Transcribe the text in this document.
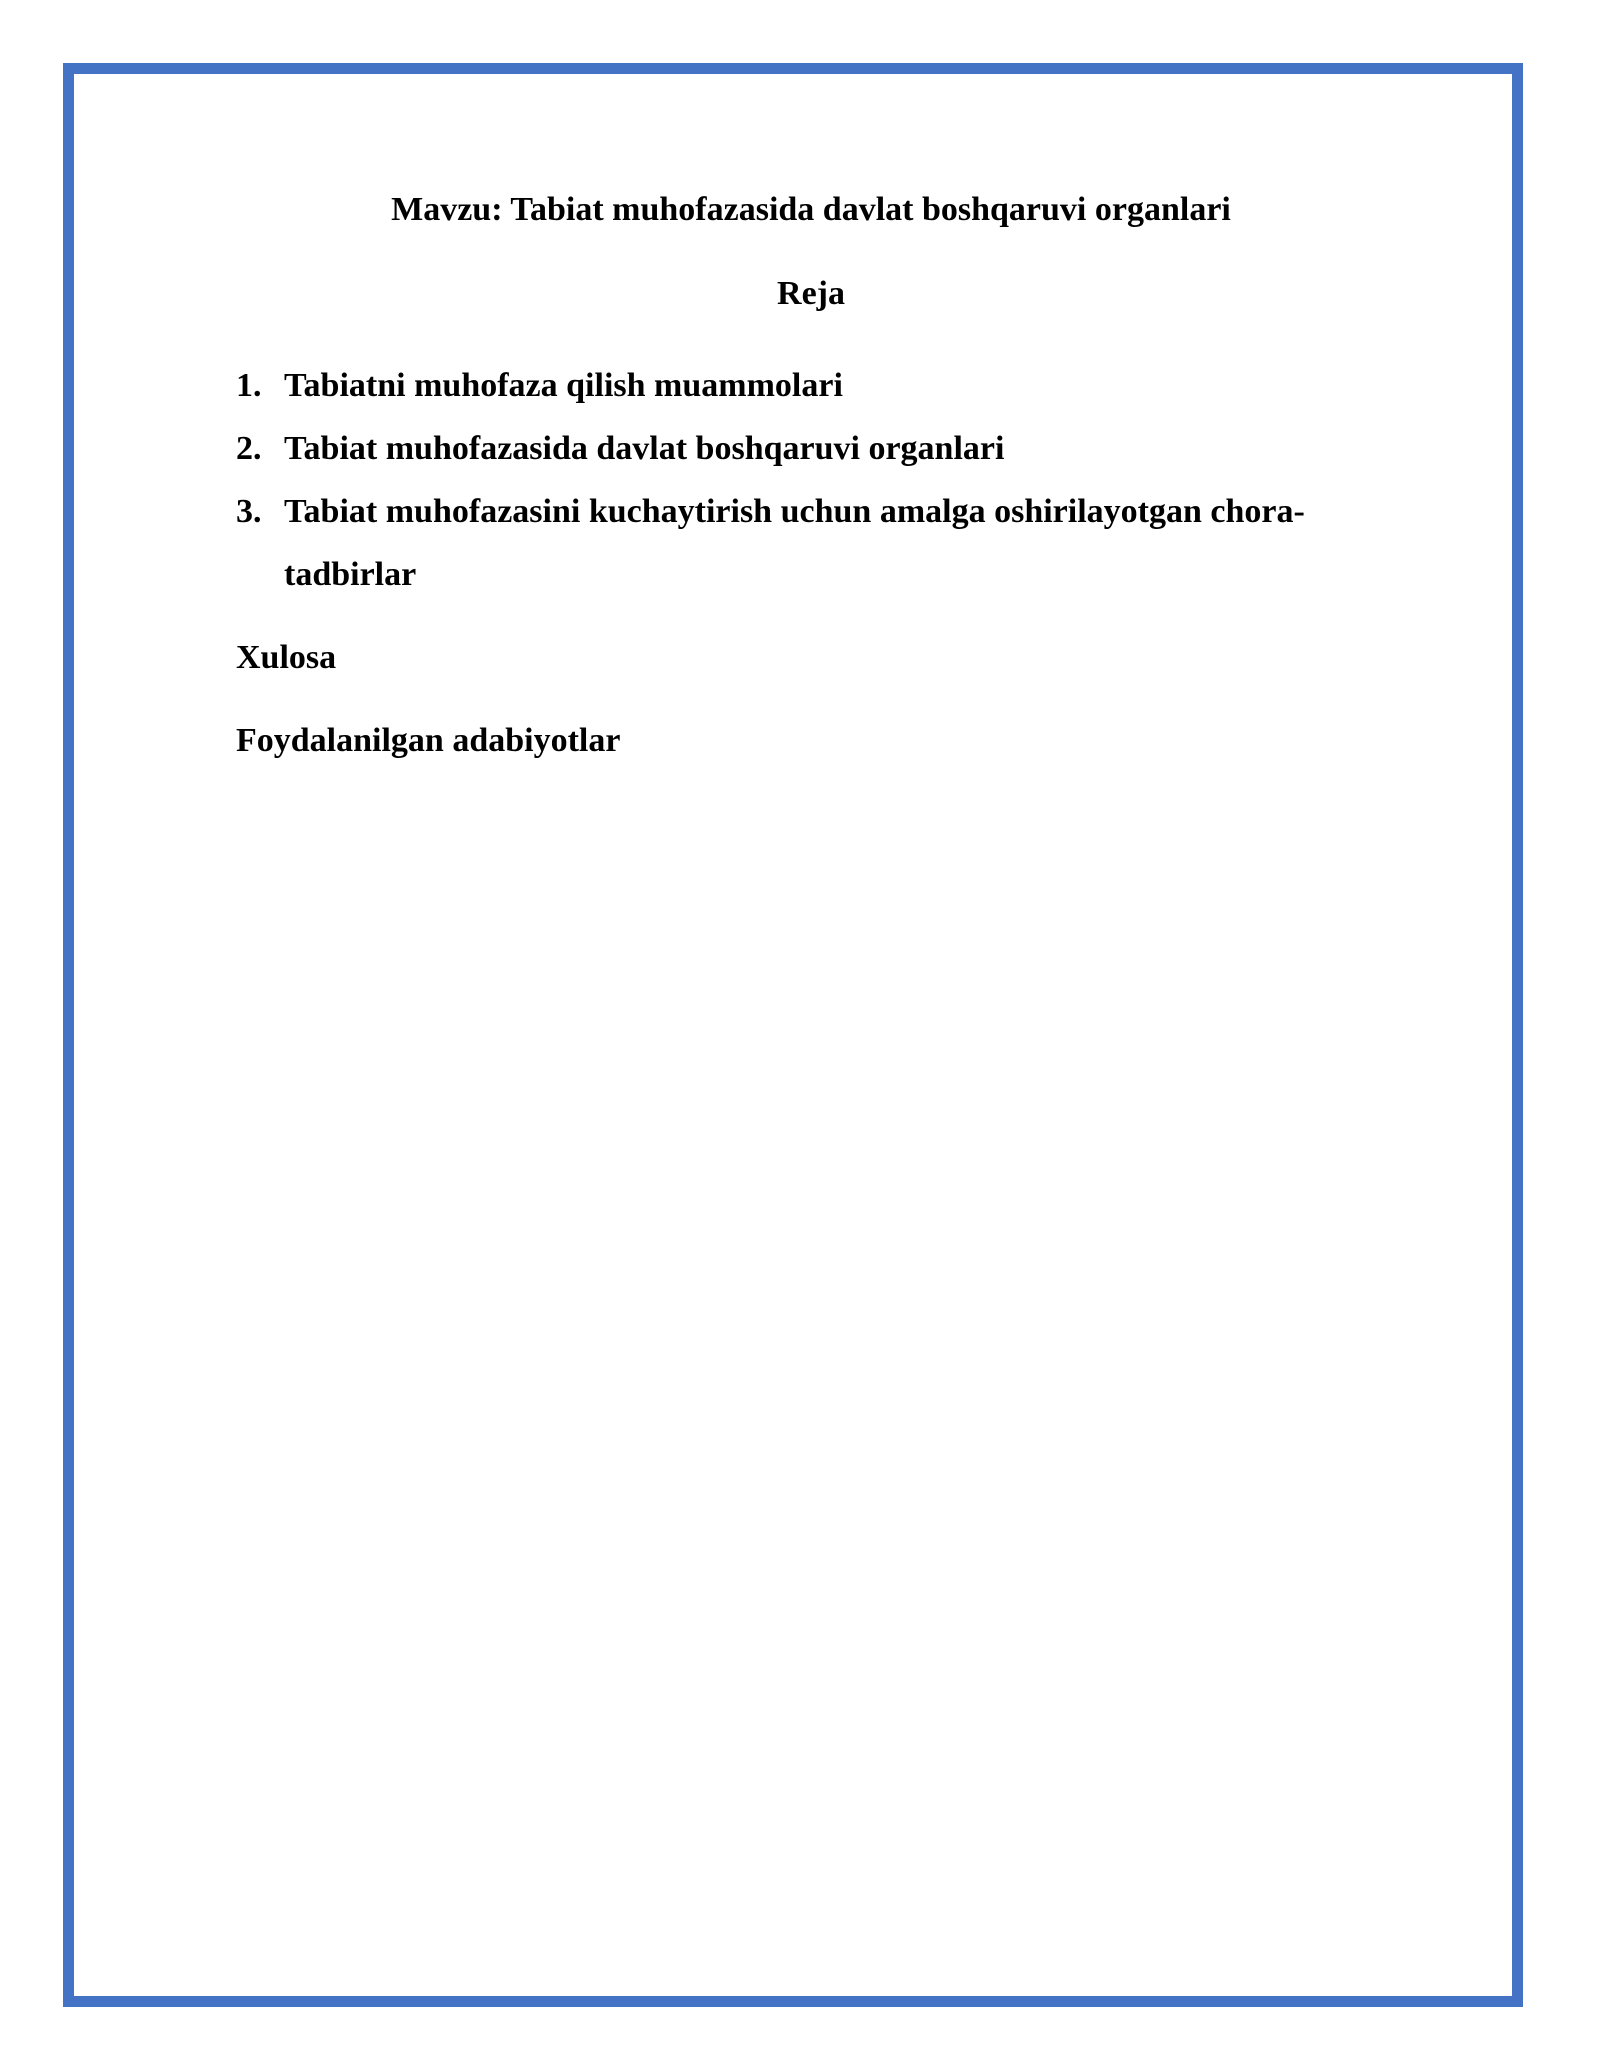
Mavzu: Tabiat muhofazasida davlat boshqaruvi organlari

Reja

1. Tabiatni muhofaza qilish muammolari
2. Tabiat muhofazasida davlat boshqaruvi organlari
3. Tabiat muhofazasini kuchaytirish uchun amalga oshirilayotgan chora-tadbirlar

Xulosa

Foydalanilgan adabiyotlar
